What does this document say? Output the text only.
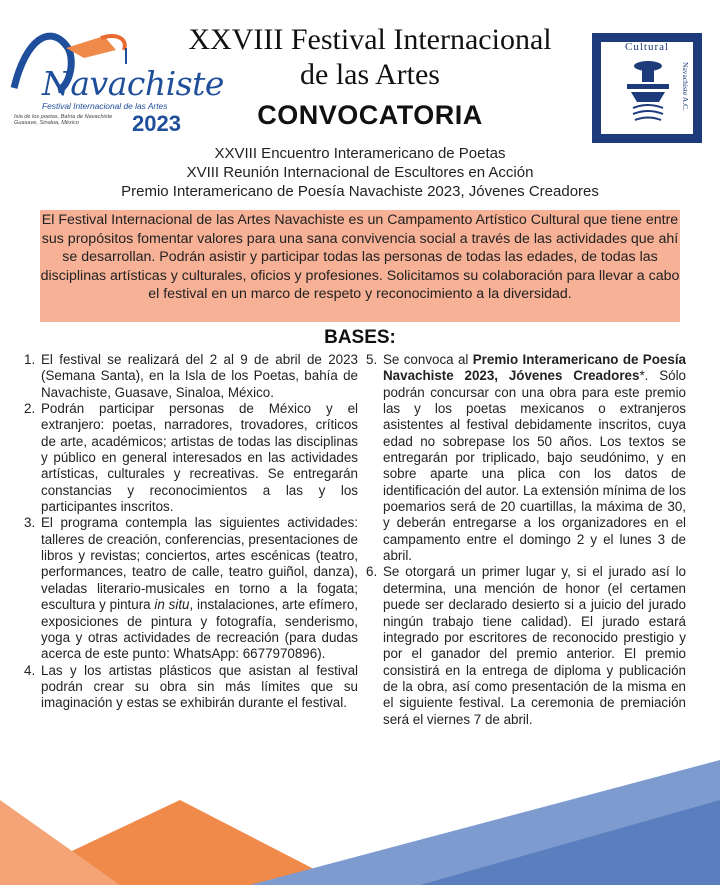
Navachiste
Festival Internacional de las Artes
Isla de los poetas, Bahía de Navachiste Guasave, Sinaloa, México	2023
XXVIII Festival Internacional
de las Artes
CONVOCATORIA
Cultural
Fundación	Navachiste A.C.
XXVIII Encuentro Interamericano de Poetas
XVIII Reunión Internacional de Escultores en Acción
Premio Interamericano de Poesía Navachiste 2023, Jóvenes Creadores
El Festival Internacional de las Artes Navachiste es un Campamento Artístico Cultural que tiene entre sus propósitos fomentar valores para una sana convivencia social a través de las actividades que ahí se desarrollan. Podrán asistir y participar todas las personas de todas las edades, de todas las disciplinas artísticas y culturales, oficios y profesiones. Solicitamos su colaboración para llevar a cabo el festival en un marco de respeto y reconocimiento a la diversidad.
BASES:
1. El festival se realizará del 2 al 9 de abril de 2023 (Semana Santa), en la Isla de los Poetas, bahía de Navachiste, Guasave, Sinaloa, México.
2. Podrán participar personas de México y el extranjero: poetas, narradores, trovadores, críticos de arte, académicos; artistas de todas las disciplinas y público en general interesados en las actividades artísticas, culturales y recreativas. Se entregarán constancias y reconocimientos a las y los participantes inscritos.
3. El programa contempla las siguientes actividades: talleres de creación, conferencias, presentaciones de libros y revistas; conciertos, artes escénicas (teatro, performances, teatro de calle, teatro guiñol, danza), veladas literario-musicales en torno a la fogata; escultura y pintura in situ, instalaciones, arte efímero, exposiciones de pintura y fotografía, senderismo, yoga y otras actividades de recreación (para dudas acerca de este punto: WhatsApp: 6677970896).
4. Las y los artistas plásticos que asistan al festival podrán crear su obra sin más límites que su imaginación y estas se exhibirán durante el festival.
5. Se convoca al Premio Interamericano de Poesía Navachiste 2023, Jóvenes Creadores*. Sólo podrán concursar con una obra para este premio las y los poetas mexicanos o extranjeros asistentes al festival debidamente inscritos, cuya edad no sobrepase los 50 años. Los textos se entregarán por triplicado, bajo seudónimo, y en sobre aparte una plica con los datos de identificación del autor. La extensión mínima de los poemarios será de 20 cuartillas, la máxima de 30, y deberán entregarse a los organizadores en el campamento entre el domingo 2 y el lunes 3 de abril.
6. Se otorgará un primer lugar y, si el jurado así lo determina, una mención de honor (el certamen puede ser declarado desierto si a juicio del jurado ningún trabajo tiene calidad). El jurado estará integrado por escritores de reconocido prestigio y por el ganador del premio anterior. El premio consistirá en la entrega de diploma y publicación de la obra, así como presentación de la misma en el siguiente festival. La ceremonia de premiación será el viernes 7 de abril.
